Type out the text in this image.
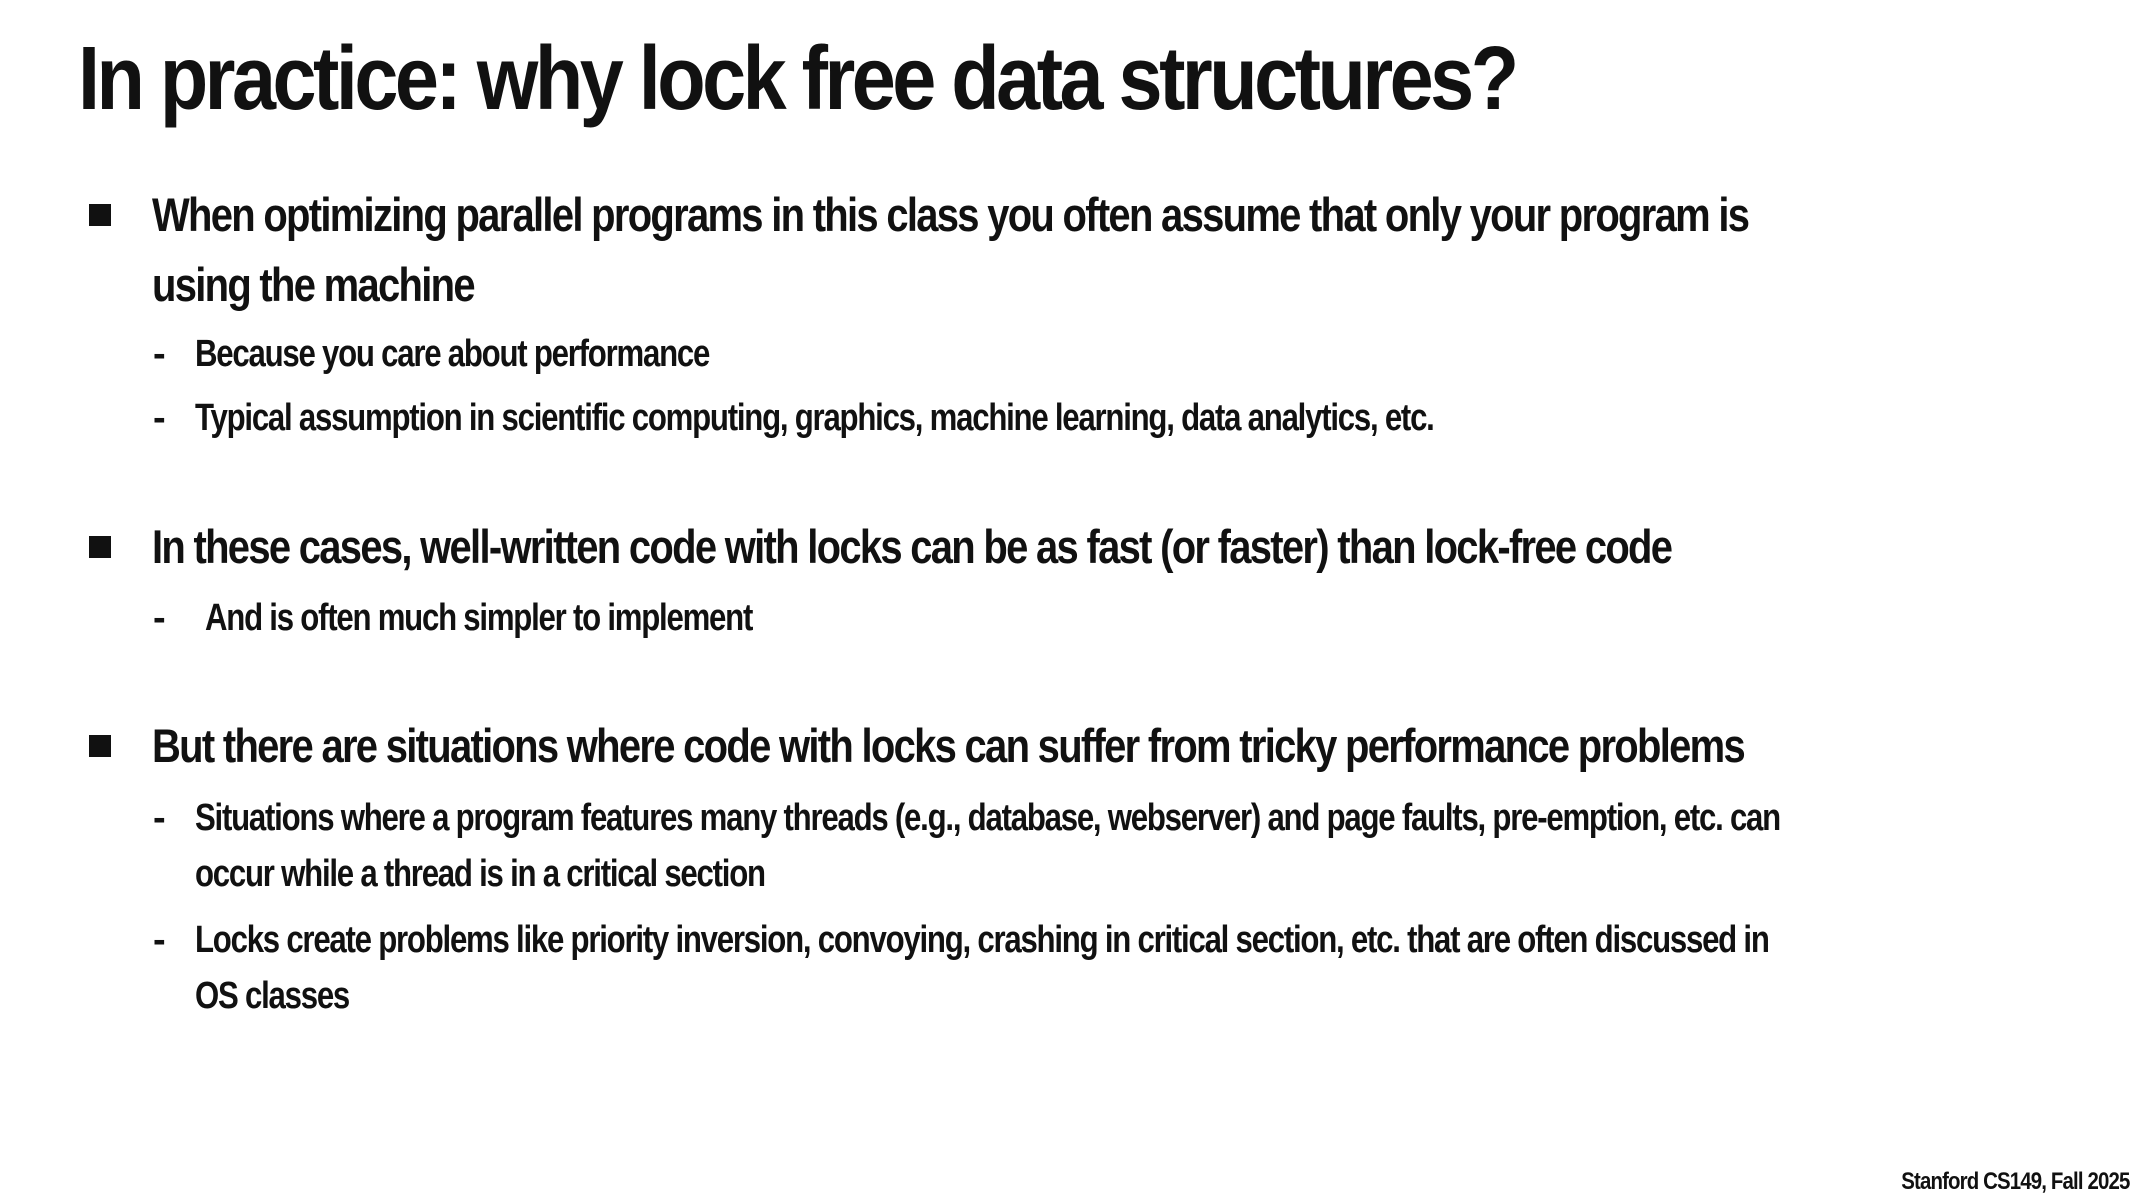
In practice: why lock free data structures?
When optimizing parallel programs in this class you often assume that only your program is using the machine
- Because you care about performance
- Typical assumption in scientific computing, graphics, machine learning, data analytics, etc.
In these cases, well-written code with locks can be as fast (or faster) than lock-free code
- And is often much simpler to implement
But there are situations where code with locks can suffer from tricky performance problems
- Situations where a program features many threads (e.g., database, webserver) and page faults, pre-emption, etc. can occur while a thread is in a critical section
- Locks create problems like priority inversion, convoying, crashing in critical section, etc. that are often discussed in OS classes
Stanford CS149, Fall 2025
